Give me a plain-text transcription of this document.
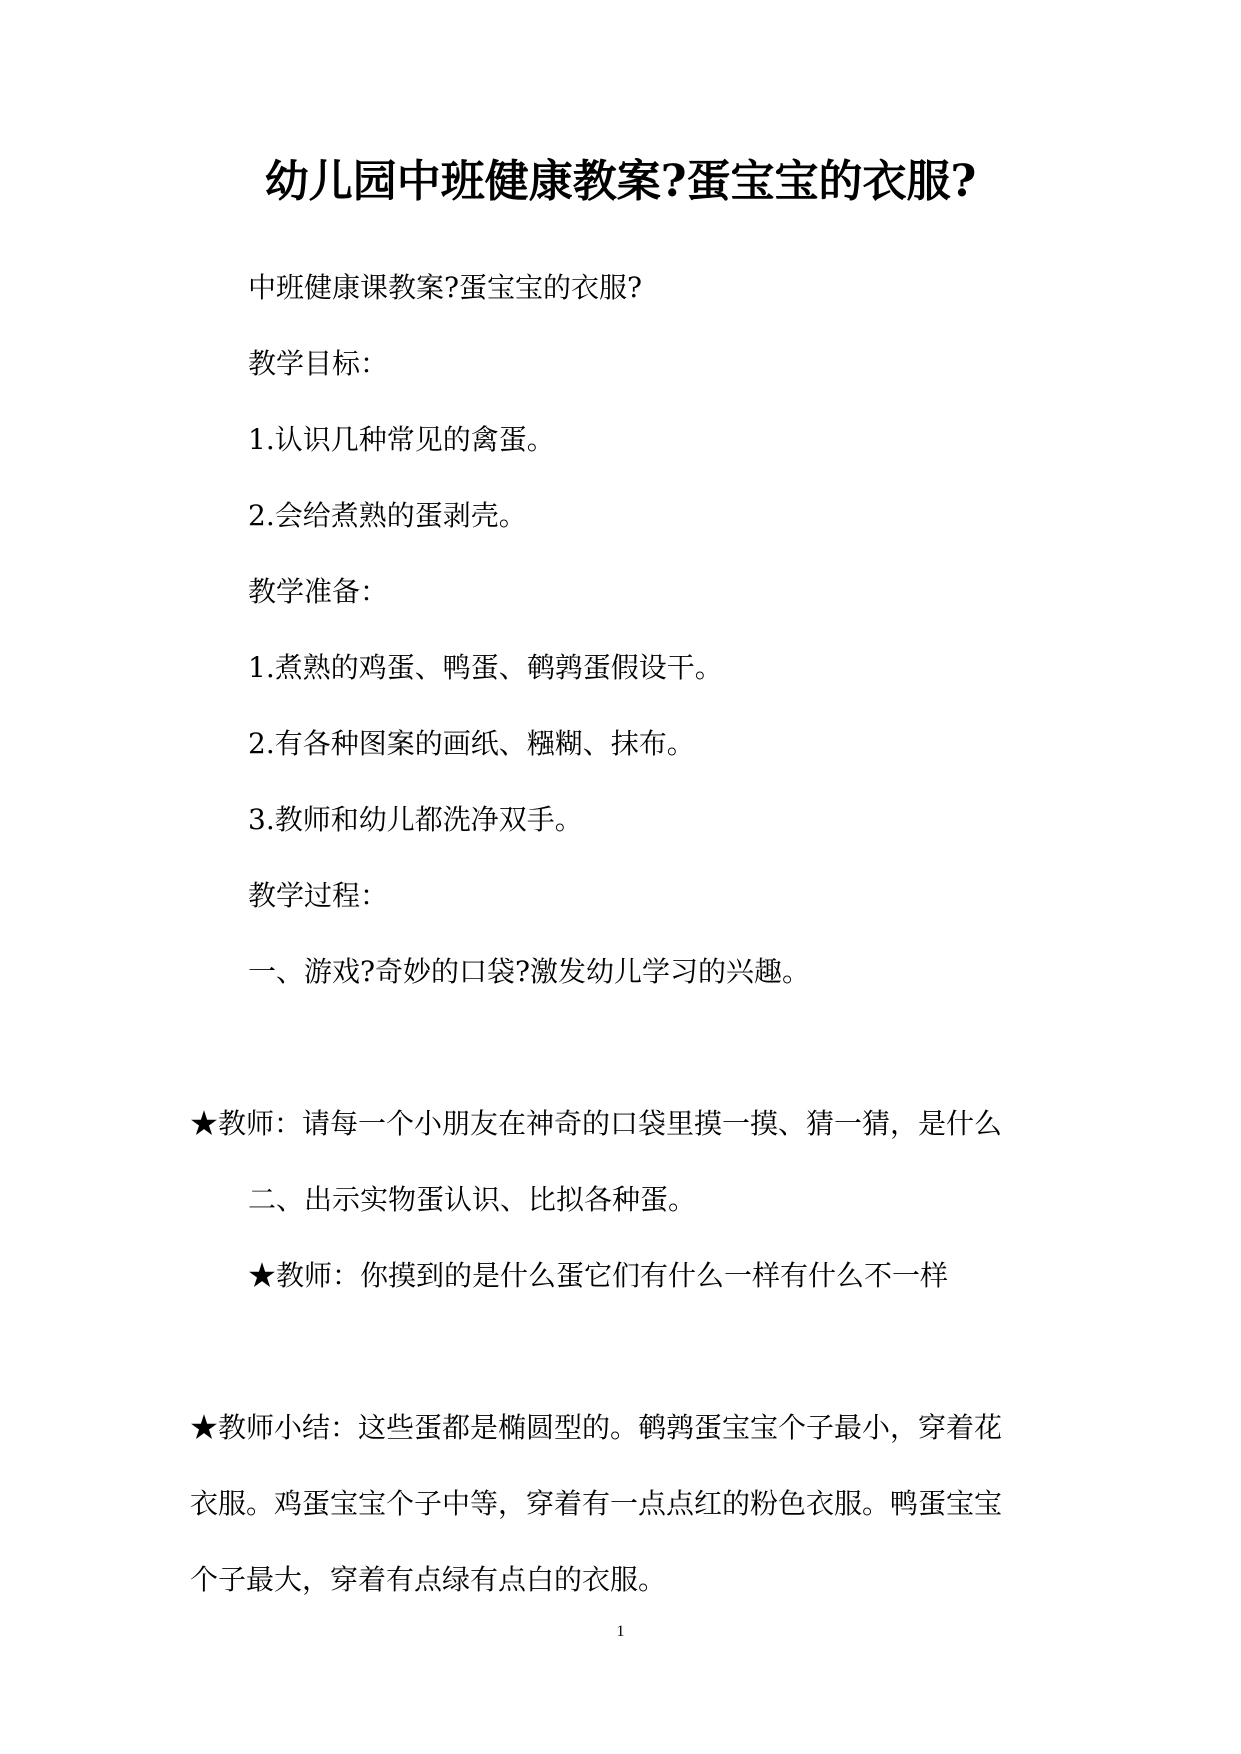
幼儿园中班健康教案?蛋宝宝的衣服?
中班健康课教案?蛋宝宝的衣服?
教学目标：
1.认识几种常见的禽蛋。
2.会给煮熟的蛋剥壳。
教学准备：
1.煮熟的鸡蛋、鸭蛋、鹌鹑蛋假设干。
2.有各种图案的画纸、糨糊、抹布。
3.教师和幼儿都洗净双手。
教学过程：
一、游戏?奇妙的口袋?激发幼儿学习的兴趣。
★教师：请每一个小朋友在神奇的口袋里摸一摸、猜一猜，是什么
二、出示实物蛋认识、比拟各种蛋。
★教师：你摸到的是什么蛋它们有什么一样有什么不一样
★教师小结：这些蛋都是椭圆型的。鹌鹑蛋宝宝个子最小，穿着花
衣服。鸡蛋宝宝个子中等，穿着有一点点红的粉色衣服。鸭蛋宝宝
个子最大，穿着有点绿有点白的衣服。
1
